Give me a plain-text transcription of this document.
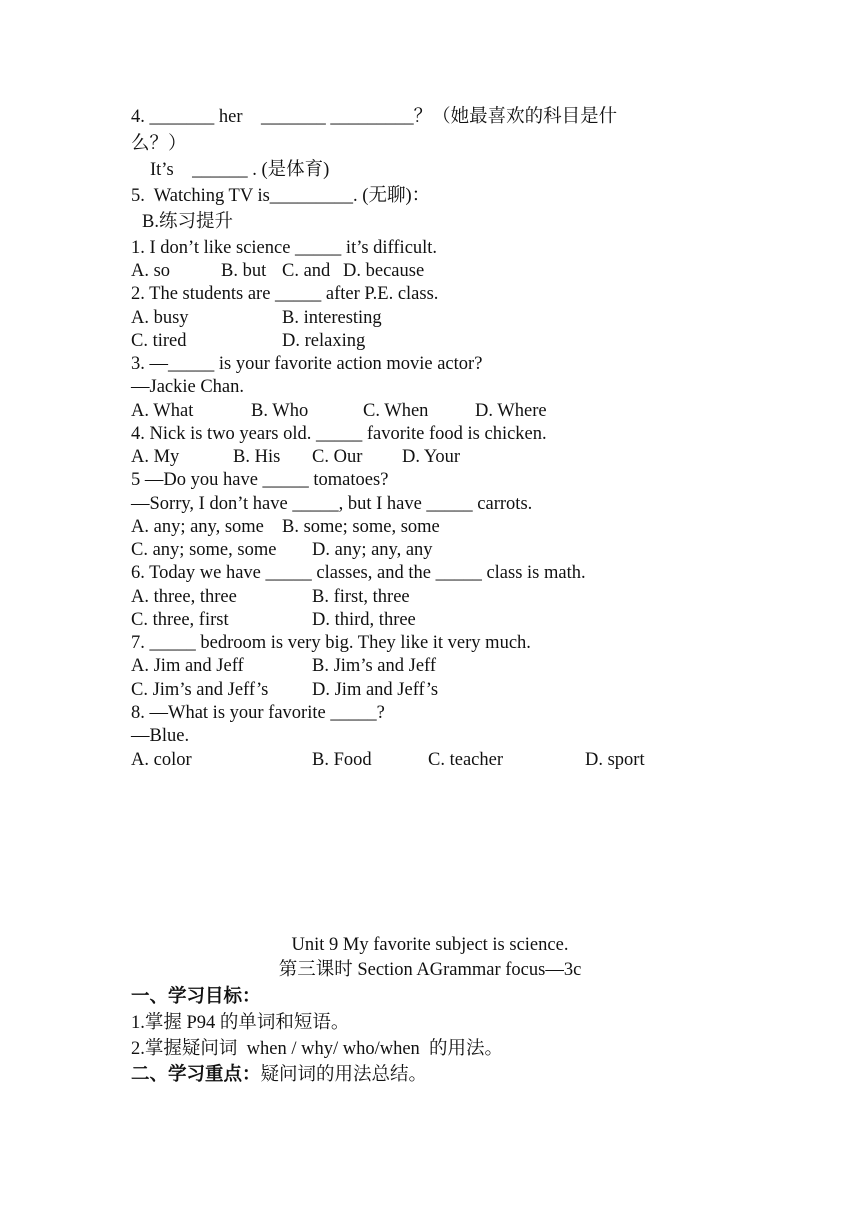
4. _______ her    _______ _________？（她最喜欢的科目是什
么？）
It’s    ______ . (是体育)
5.  Watching TV is_________. (无聊)：
B.练习提升
1. I don’t like science _____ it’s difficult.
A. so	B. but C. and D. because
2. The students are _____ after P.E. class.
A. busy	B. interesting
C. tired	D. relaxing
3. —_____ is your favorite action movie actor?
—Jackie Chan.
A. What	B. Who	C. When	D. Where
4. Nick is two years old. _____ favorite food is chicken.
A. My	B. His C. Our D. Your
5 —Do you have _____ tomatoes?
—Sorry, I don’t have _____, but I have _____ carrots.
A. any; any, some B. some; some, some
C. any; some, some D. any; any, any
6. Today we have _____ classes, and the _____ class is math.
A. three, three	B. first, three
C. three, first	D. third, three
7. _____ bedroom is very big. They like it very much.
A. Jim and Jeff	B. Jim’s and Jeff
C. Jim’s and Jeff’s D. Jim and Jeff’s
8. —What is your favorite _____?
—Blue.
A. color	B. Food	C. teacher	D. sport
Unit 9 My favorite subject is science.
第三课时 Section AGrammar focus—3c
一、学习目标：
1.掌握 P94 的单词和短语。
2.掌握疑问词  when / why/ who/when  的用法。
二、学习重点：疑问词的用法总结。
